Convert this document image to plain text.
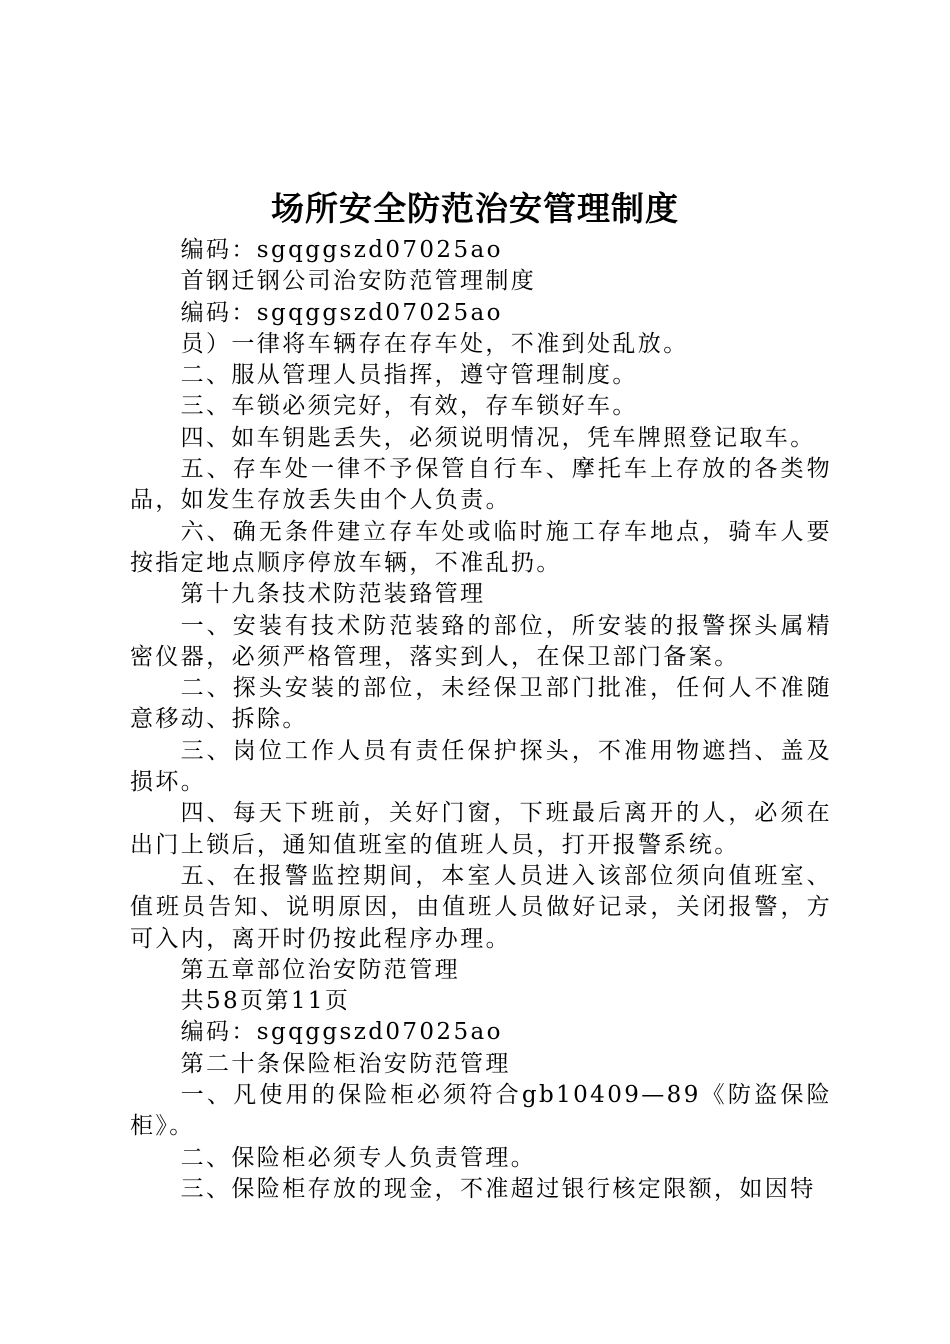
场所安全防范治安管理制度

编码：sgqggszd07025ao

首钢迁钢公司治安防范管理制度

编码：sgqggszd07025ao

员）一律将车辆存在存车处，不准到处乱放。

二、服从管理人员指挥，遵守管理制度。

三、车锁必须完好，有效，存车锁好车。

四、如车钥匙丢失，必须说明情况，凭车牌照登记取车。

五、存车处一律不予保管自行车、摩托车上存放的各类物品，如发生存放丢失由个人负责。

六、确无条件建立存车处或临时施工存车地点，骑车人要按指定地点顺序停放车辆，不准乱扔。

第十九条技术防范装臵管理

一、安装有技术防范装臵的部位，所安装的报警探头属精密仪器，必须严格管理，落实到人，在保卫部门备案。

二、探头安装的部位，未经保卫部门批准，任何人不准随意移动、拆除。

三、岗位工作人员有责任保护探头，不准用物遮挡、盖及损坏。

四、每天下班前，关好门窗，下班最后离开的人，必须在出门上锁后，通知值班室的值班人员，打开报警系统。

五、在报警监控期间，本室人员进入该部位须向值班室、值班员告知、说明原因，由值班人员做好记录，关闭报警，方可入内，离开时仍按此程序办理。

第五章部位治安防范管理

共58页第11页

编码：sgqggszd07025ao

第二十条保险柜治安防范管理

一、凡使用的保险柜必须符合gb10409—89《防盗保险柜》。

二、保险柜必须专人负责管理。

三、保险柜存放的现金，不准超过银行核定限额，如因特
